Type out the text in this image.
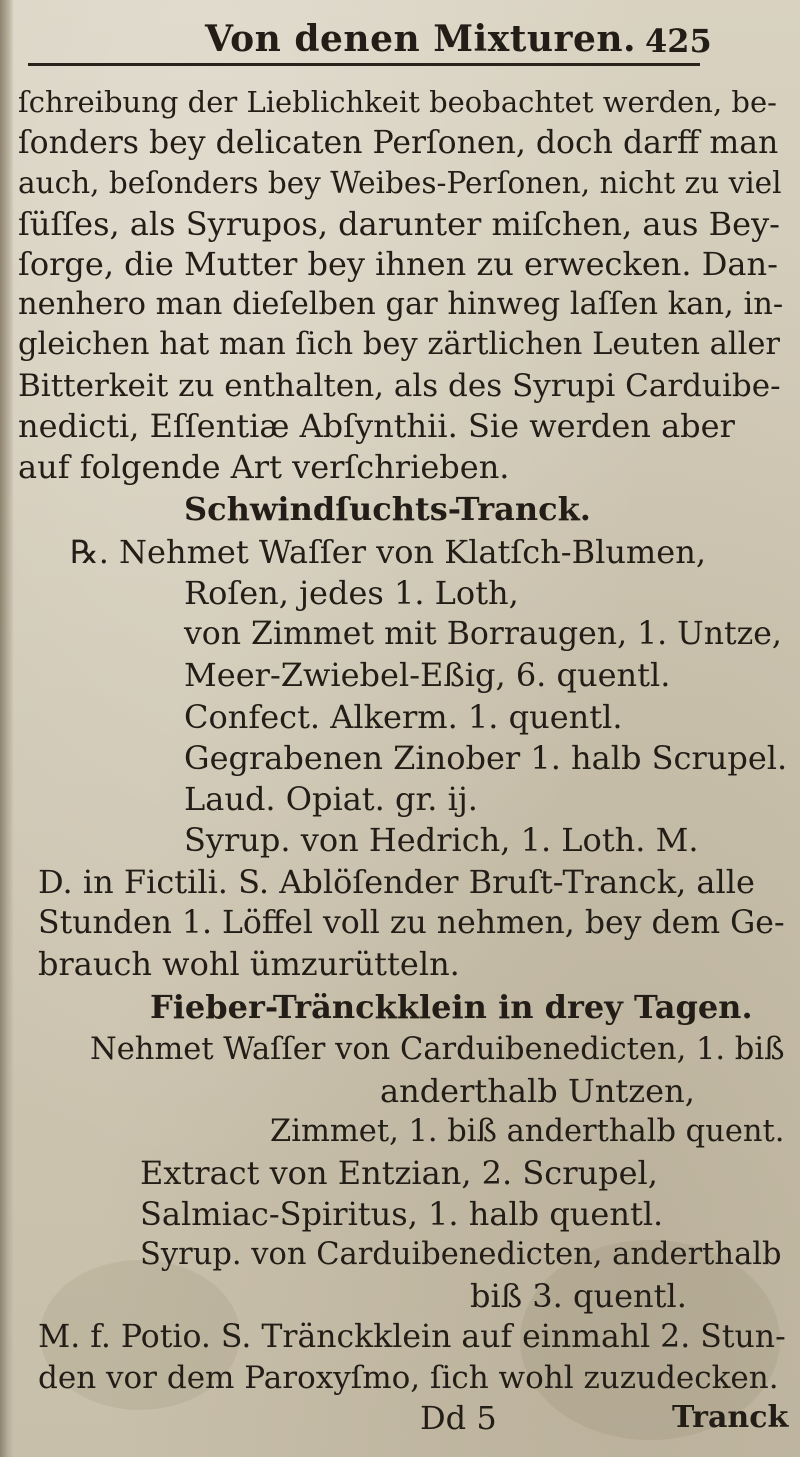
Von denen Mixturen. 425
ſchreibung der Lieblichkeit beobachtet werden, be-
ſonders bey delicaten Perſonen, doch darff man
auch, beſonders bey Weibes-Perſonen, nicht zu viel
ſüſſes, als Syrupos, darunter miſchen, aus Bey-
ſorge, die Mutter bey ihnen zu erwecken. Dan-
nenhero man dieſelben gar hinweg laſſen kan, in-
gleichen hat man ſich bey zärtlichen Leuten aller
Bitterkeit zu enthalten, als des Syrupi Carduibe-
nedicti, Eſſentiæ Abſynthii. Sie werden aber
auf folgende Art verſchrieben.
Schwindſuchts-Tranck.
℞. Nehmet Waſſer von Klatſch-Blumen,
Roſen, jedes 1. Loth,
von Zimmet mit Borraugen, 1. Untze,
Meer-Zwiebel-Eßig, 6. quentl.
Confect. Alkerm. 1. quentl.
Gegrabenen Zinober 1. halb Scrupel.
Laud. Opiat. gr. ij.
Syrup. von Hedrich, 1. Loth. M.
D. in Fictili. S. Ablöſender Bruſt-Tranck, alle
Stunden 1. Löffel voll zu nehmen, bey dem Ge-
brauch wohl ümzurütteln.
Fieber-Tränckklein in drey Tagen.
Nehmet Waſſer von Carduibenedicten, 1. biß
anderthalb Untzen,
Zimmet, 1. biß anderthalb quent.
Extract von Entzian, 2. Scrupel,
Salmiac-Spiritus, 1. halb quentl.
Syrup. von Carduibenedicten, anderthalb
biß 3. quentl.
M. f. Potio. S. Tränckklein auf einmahl 2. Stun-
den vor dem Paroxyſmo, ſich wohl zuzudecken.
Dd 5	Tranck
